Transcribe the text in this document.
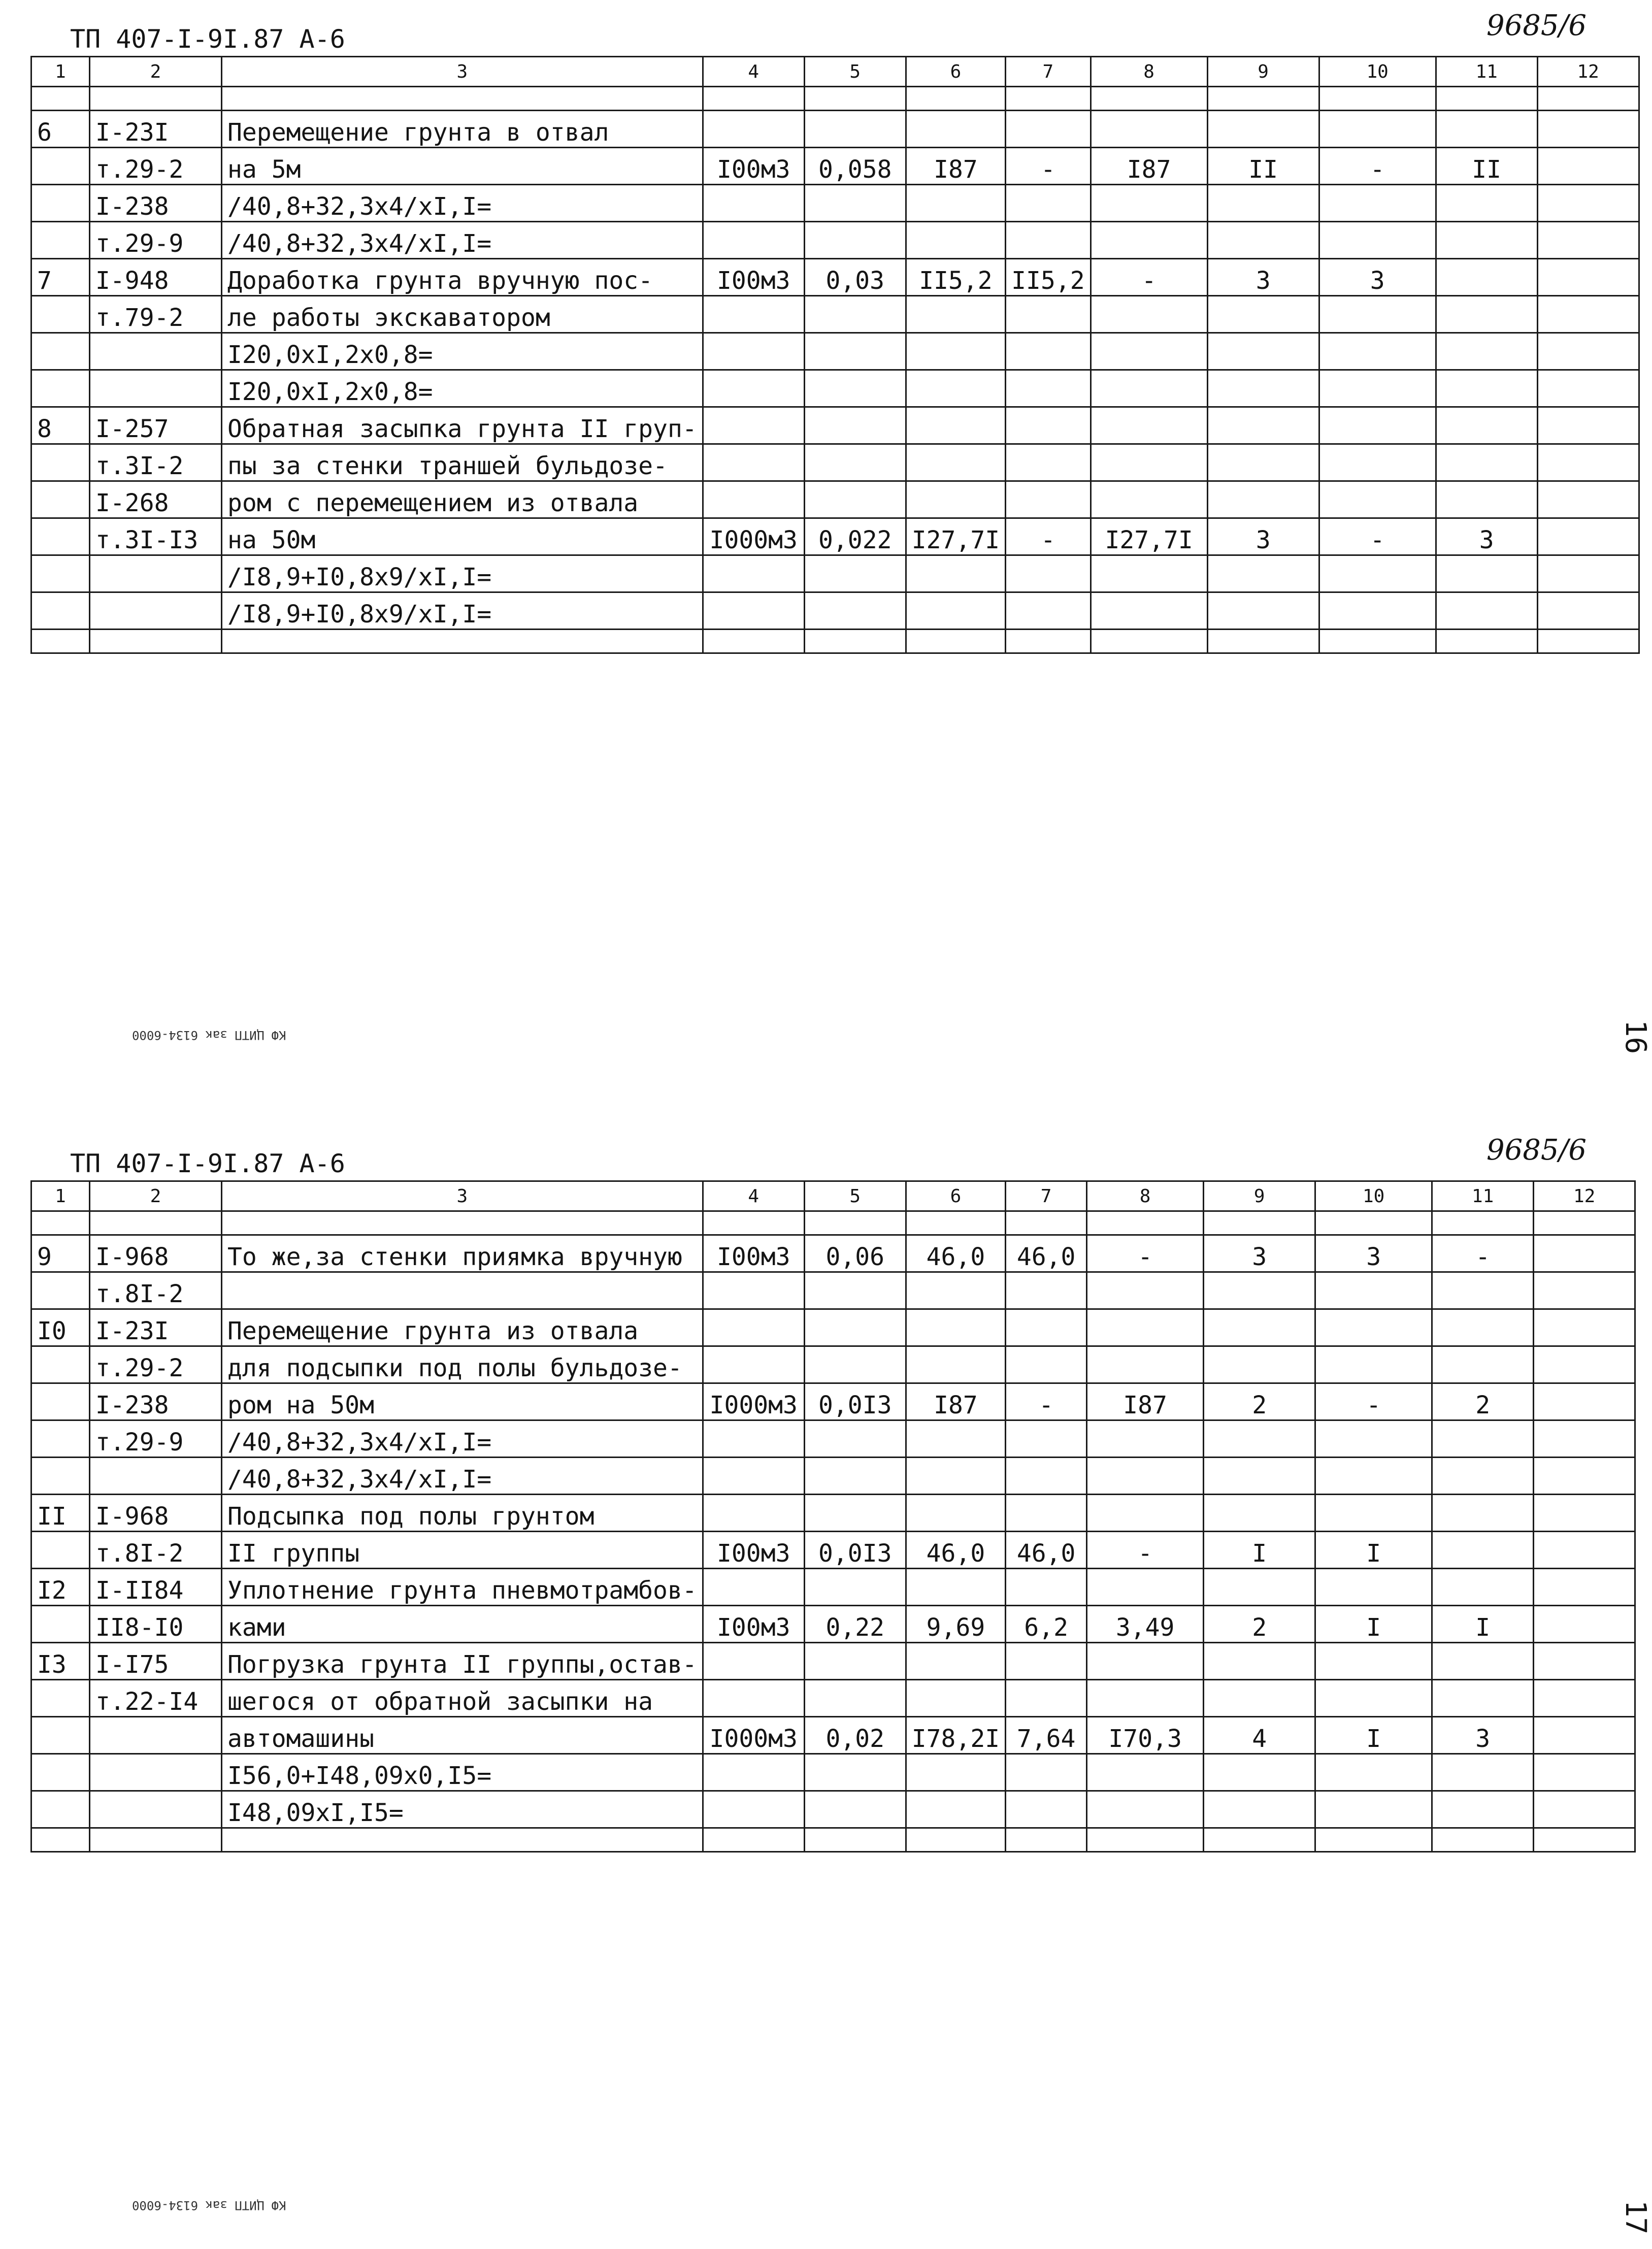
ТП 407-I-9I.87 А-6	9685/6
16
КФ ЦИТП зак 6134-6000
1	2	3	4	5	6	7	8	9	10	11	12

6	I-23I	Перемещение грунта в отвал									
	т.29-2	на 5м	I00м3	0,058	I87	-	I87	II	-	II	
	I-238	/40,8+32,3х4/хI,I=									
	т.29-9	/40,8+32,3х4/хI,I=									
7	I-948	Доработка грунта вручную пос-	I00м3	0,03	II5,2	II5,2	-	3	3		
	т.79-2	ле работы экскаватором									
		I20,0хI,2х0,8=									
		I20,0хI,2х0,8=									
8	I-257	Обратная засыпка грунта II груп-									
	т.3I-2	пы за стенки траншей бульдозе-									
	I-268	ром с перемещением из отвала									
	т.3I-I3	на 50м	I000м3	0,022	I27,7I	-	I27,7I	3	-	3	
		/I8,9+I0,8х9/хI,I=									
		/I8,9+I0,8х9/хI,I=									

ТП 407-I-9I.87 А-6	9685/6
17
КФ ЦИТП зак 6134-6000
1	2	3	4	5	6	7	8	9	10	11	12

9	I-968	То же,за стенки приямка вручную	I00м3	0,06	46,0	46,0	-	3	3	-	
	т.8I-2										
I0	I-23I	Перемещение грунта из отвала									
	т.29-2	для подсыпки под полы бульдозе-									
	I-238	ром на 50м	I000м3	0,0I3	I87	-	I87	2	-	2	
	т.29-9	/40,8+32,3х4/хI,I=									
		/40,8+32,3х4/хI,I=									
II	I-968	Подсыпка под полы грунтом									
	т.8I-2	II группы	I00м3	0,0I3	46,0	46,0	-	I	I		
I2	I-II84	Уплотнение грунта пневмотрамбов-									
	II8-I0	ками	I00м3	0,22	9,69	6,2	3,49	2	I	I	
I3	I-I75	Погрузка грунта II группы,остав-									
	т.22-I4	шегося от обратной засыпки на									
		автомашины	I000м3	0,02	I78,2I	7,64	I70,3	4	I	3	
		I56,0+I48,09х0,I5=									
		I48,09хI,I5=									
